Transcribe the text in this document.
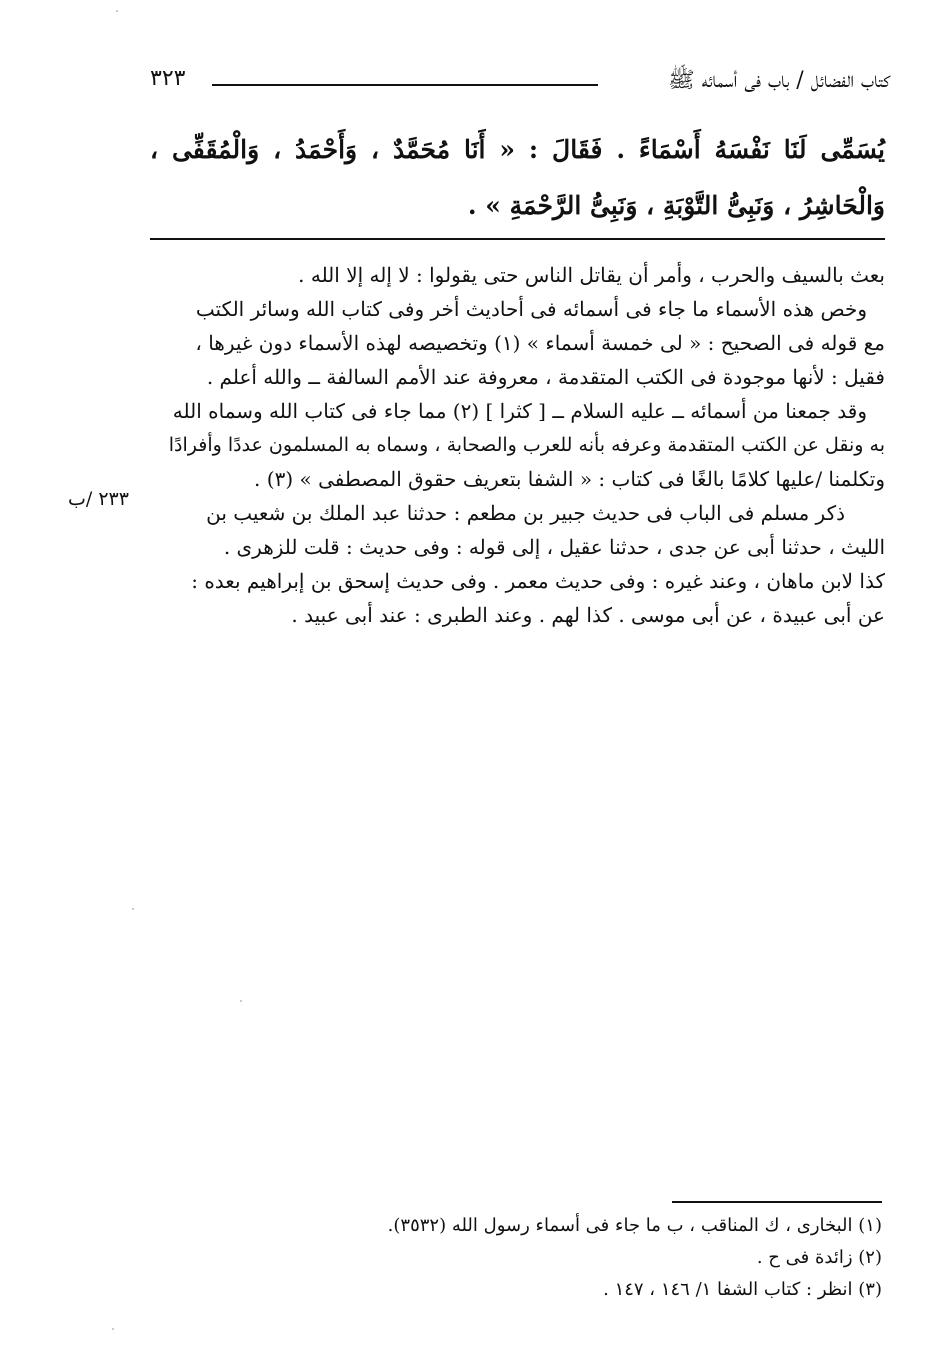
كتاب الفضائل / باب فى أسمائه ﷺ
٣٢٣
يُسَمِّى لَنَا نَفْسَهُ أَسْمَاءً . فَقَالَ : « أَنَا مُحَمَّدٌ ، وَأَحْمَدُ ، وَالْمُقَفِّى ، وَالْحَاشِرُ ، وَنَبِىُّ التَّوْبَةِ ، وَنَبِىُّ الرَّحْمَةِ » .
بعث بالسيف والحرب ، وأمر أن يقاتل الناس حتى يقولوا : لا إله إلا الله .
وخص هذه الأسماء ما جاء فى أسمائه فى أحاديث أخر وفى كتاب الله وسائر الكتب
مع قوله فى الصحيح : « لى خمسة أسماء » (١) وتخصيصه لهذه الأسماء دون غيرها ،
فقيل : لأنها موجودة فى الكتب المتقدمة ، معروفة عند الأمم السالفة ــ والله أعلم .
وقد جمعنا من أسمائه ــ عليه السلام ــ [ كثرا ] (٢) مما جاء فى كتاب الله وسماه الله
به ونقل عن الكتب المتقدمة وعرفه بأنه للعرب والصحابة ، وسماه به المسلمون عددًا وأفرادًا
وتكلمنا /عليها كلامًا بالغًا فى كتاب : « الشفا بتعريف حقوق المصطفى » (٣) .
ذكر مسلم فى الباب فى حديث جبير بن مطعم : حدثنا عبد الملك بن شعيب بن
الليث ، حدثنا أبى عن جدى ، حدثنا عقيل ، إلى قوله : وفى حديث : قلت للزهرى .
كذا لابن ماهان ، وعند غيره : وفى حديث معمر . وفى حديث إسحق بن إبراهيم بعده :
عن أبى عبيدة ، عن أبى موسى . كذا لهم . وعند الطبرى : عند أبى عبيد .
٢٣٣ /ب
(١) البخارى ، ك المناقب ، ب ما جاء فى أسماء رسول الله (٣٥٣٢).
(٢) زائدة فى ح .
(٣) انظر : كتاب الشفا ١/ ١٤٦ ، ١٤٧ .
